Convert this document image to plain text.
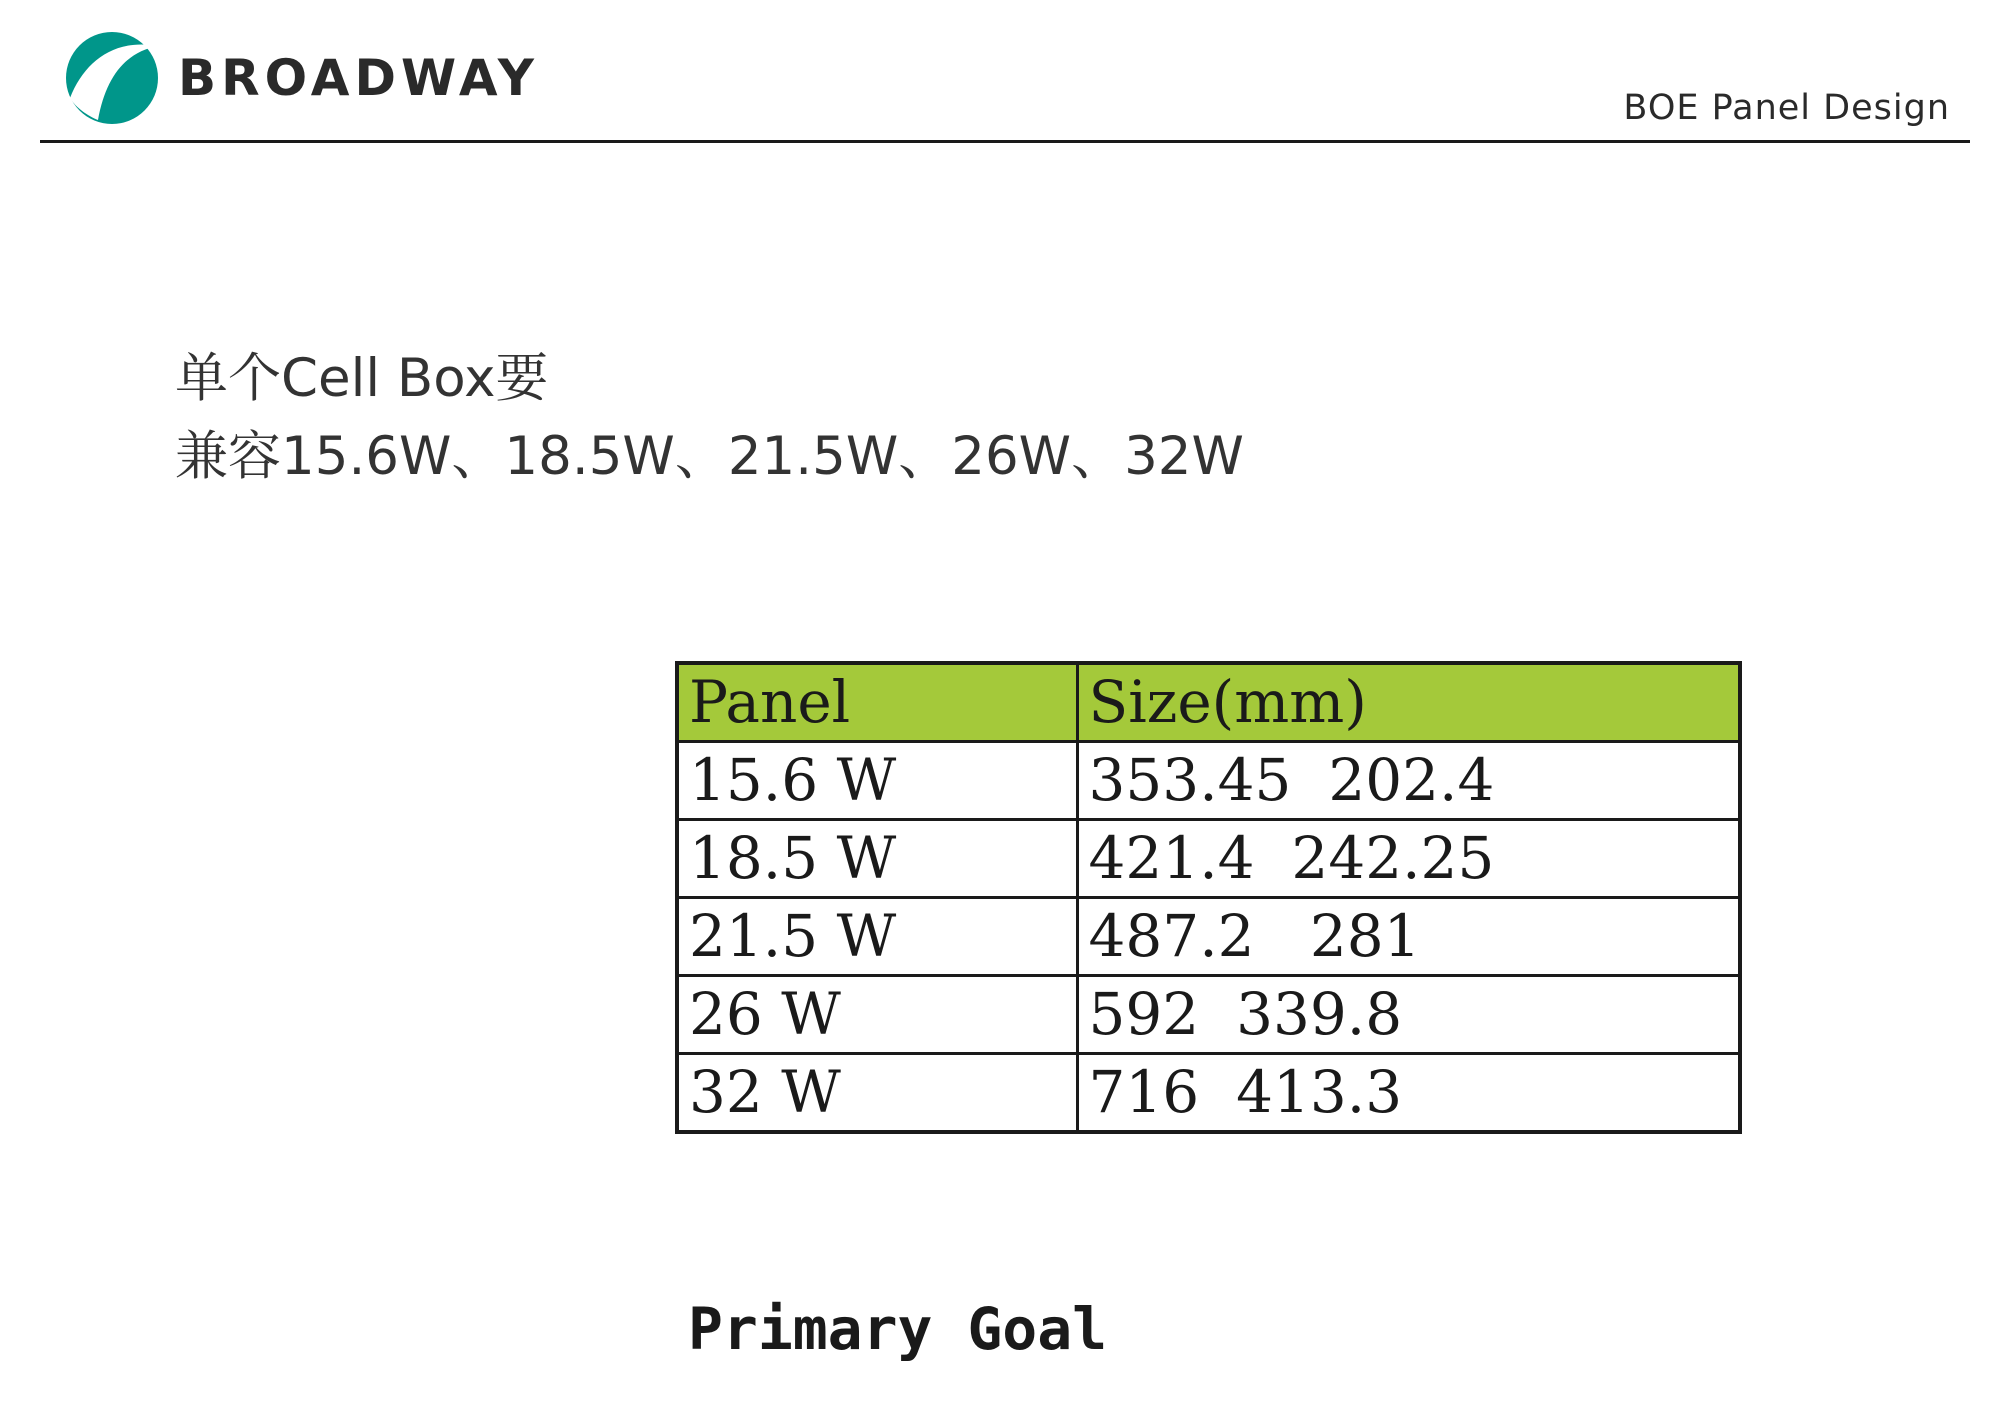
BROADWAY
BOE Panel Design
单个Cell Box要
兼容15.6W、18.5W、21.5W、26W、32W
Panel	Size(mm)
15.6 W	353.45  202.4
18.5 W	421.4  242.25
21.5 W	487.2   281
26 W	592  339.8
32 W	716  413.3
Primary Goal
